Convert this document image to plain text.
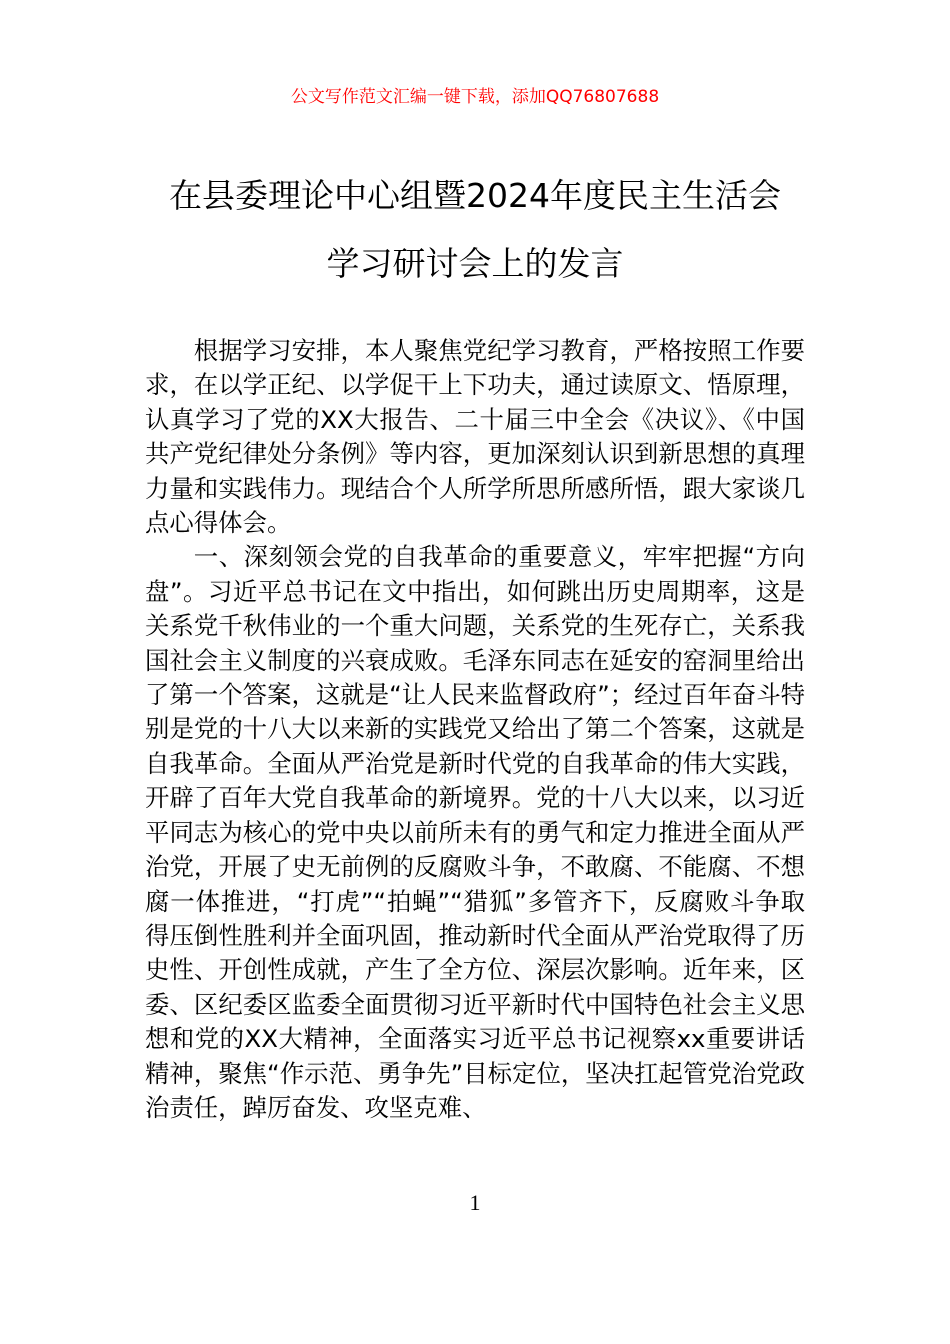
公文写作范文汇编一键下载，添加QQ76807688
在县委理论中心组暨2024年度民主生活会
学习研讨会上的发言

根据学习安排，本人聚焦党纪学习教育，严格按照工作要求，在以学正纪、以学促干上下功夫，通过读原文、悟原理，认真学习了党的XX大报告、二十届三中全会《决议》、《中国共产党纪律处分条例》等内容，更加深刻认识到新思想的真理力量和实践伟力。现结合个人所学所思所感所悟，跟大家谈几点心得体会。

一、深刻领会党的自我革命的重要意义，牢牢把握“方向盘”。习近平总书记在文中指出，如何跳出历史周期率，这是关系党千秋伟业的一个重大问题，关系党的生死存亡，关系我国社会主义制度的兴衰成败。毛泽东同志在延安的窑洞里给出了第一个答案，这就是“让人民来监督政府”；经过百年奋斗特别是党的十八大以来新的实践党又给出了第二个答案，这就是自我革命。全面从严治党是新时代党的自我革命的伟大实践，开辟了百年大党自我革命的新境界。党的十八大以来，以习近平同志为核心的党中央以前所未有的勇气和定力推进全面从严治党，开展了史无前例的反腐败斗争，不敢腐、不能腐、不想腐一体推进，“打虎”“拍蝇”“猎狐”多管齐下，反腐败斗争取得压倒性胜利并全面巩固，推动新时代全面从严治党取得了历史性、开创性成就，产生了全方位、深层次影响。近年来，区委、区纪委区监委全面贯彻习近平新时代中国特色社会主义思想和党的XX大精神，全面落实习近平总书记视察xx重要讲话精神，聚焦“作示范、勇争先”目标定位，坚决扛起管党治党政治责任，踔厉奋发、攻坚克难、

1
